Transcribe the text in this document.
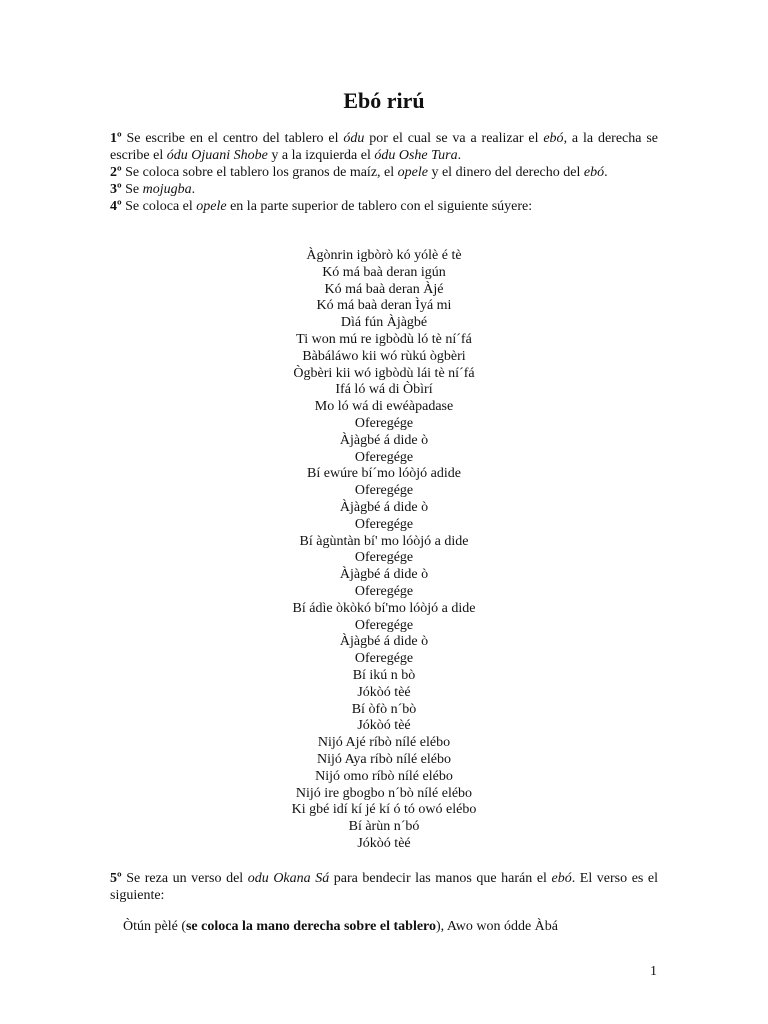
Ebó rirú

1º Se escribe en el centro del tablero el ódu por el cual se va a realizar el ebó, a la derecha se escribe el ódu Ojuani Shobe y a la izquierda el ódu Oshe Tura.

2º Se coloca sobre el tablero los granos de maíz, el opele y el dinero del derecho del ebó.

3º Se mojugba.

4º Se coloca el opele en la parte superior de tablero con el siguiente súyere:

Àgònrin igbòrò kó yólè é tè
Kó má baà deran igún
Kó má baà deran Àjé
Kó má baà deran Ìyá mi
Dìá fún Àjàgbé
Ti won mú re igbòdù ló tè ní´fá
Bàbáláwo kii wó rùkú ògbèri
Ògbèri kii wó igbòdù lái tè ní´fá
Ifá ló wá di Òbìrí
Mo ló wá di ewéàpadase
Oferegége
Àjàgbé á dide ò
Oferegége
Bí ewúre bí´mo lóòjó adide
Oferegége
Àjàgbé á dide ò
Oferegége
Bí àgùntàn bí' mo lóòjó a dide
Oferegége
Àjàgbé á dide ò
Oferegége
Bí ádìe òkòkó bí'mo lóòjó a dide
Oferegége
Àjàgbé á dide ò
Oferegége
Bí ikú n bò
Jókòó tèé
Bí òfò n´bò
Jókòó tèé
Nijó Ajé ríbò nílé elébo
Nijó Aya ríbò nílé elébo
Nijó omo ríbò nílé elébo
Nijó ire gbogbo n´bò nílé elébo
Ki gbé idí kí jé kí ó tó owó elébo
Bí àrùn n´bó
Jókòó tèé

5º Se reza un verso del odu Okana Sá para bendecir las manos que harán el ebó. El verso es el siguiente:

Òtún pèlé (se coloca la mano derecha sobre el tablero), Awo won ódde Àbá
1
